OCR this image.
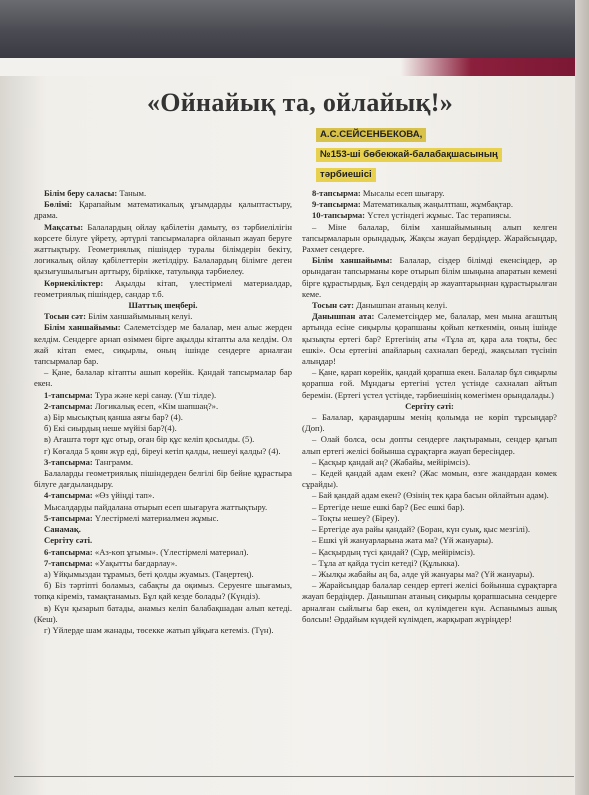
«Ойнайық та, ойлайық!»
А.С.СЕЙСЕНБЕКОВА,
№153-ші бөбекжай-балабақшасының
тәрбиешісі

Білім беру саласы: Таным.

Бөлімі: Қарапайым математикалық ұғымдарды қалыптастыру, драма.

Мақсаты: Балалардың ойлау қабілетін дамыту, өз тәрбиелілігін көрсете білуге үйрету, әртүрлі тапсырмаларға ойланып жауап беруге жаттықтыру. Геометриялық пішіндер туралы білімдерін бекіту, логикалық ойлау қабілеттерін жетілдіру. Балалардың білімге деген қызығушылығын арттыру, бірлікке, татулыққа тәрбиелеу.

Көрнекіліктер: Ақылды кітап, үлестірмелі материалдар, геометриялық пішіндер, сандар т.б.

Шаттық шеңбері.

Тосын сәт: Білім ханшайымының келуі.

Білім ханшайымы: Сәлеметсіздер ме балалар, мен алыс жерден келдім. Сендерге арнап өзіммен бірге ақылды кітапты ала келдім. Ол жай кітап емес, сиқырлы, оның ішінде сендерге арналған тапсырмалар бар.

– Қане, балалар кітапты ашып көрейік. Қандай тапсырмалар бар екен.

1-тапсырма: Тура және кері санау. (Үш тілде).

2-тапсырма: Логикалық есеп, «Кім шапшаң?».

а) Бір мысықтың қанша аяғы бар? (4).

б) Екі сиырдың неше мүйізі бар?(4).

в) Ағашта төрт құс отыр, оған бір құс келіп қосылды. (5).

г) Көгалда 5 қоян жүр еді, біреуі кетіп қалды, нешеуі қалды? (4).

3-тапсырма: Танграмм.

Балаларды геометриялық пішіндерден белгілі бір бейне құрастыра білуге дағдыландыру.

4-тапсырма: «Өз үйіңді тап».

Мысалдарды пайдалана отырып есеп шығаруға жаттықтыру.

5-тапсырма: Үлестірмелі материалмен жұмыс.

Санамақ.

Сергіту сәті.

6-тапсырма: «Аз-көп ұғымы». (Үлестірмелі материал).

7-тапсырма: «Уақытты бағдарлау».

а) Ұйқымыздан тұрамыз, беті қолды жуамыз. (Таңертең).

б) Біз тәртіпті боламыз, сабақты да оқимыз. Серуенге шығамыз, топқа кіреміз, тамақтанамыз. Бұл қай кезде болады? (Күндіз).

в) Күн қызарып батады, анамыз келіп балабақшадан алып кетеді. (Кеш).

г) Үйлерде шам жанады, төсекке жатып ұйқыға кетеміз. (Түн).

8-тапсырма: Мысалы есеп шығару.

9-тапсырма: Математикалық жаңылтпаш, жұмбақтар.

10-тапсырма: Үстел үстіндегі жұмыс. Тас терапиясы.

– Міне балалар, білім ханшайымының алып келген тапсырмаларын орындадық. Жақсы жауап бердіңдер. Жарайсыңдар, Рахмет сендерге.

Білім ханшайымы: Балалар, сіздер білімді екенсіңдер, әр орындаған тапсырманы көре отырып білім шыңына апаратын кемені бірге құрастырдық. Бұл сендердің әр жауаптарыңнан құрастырылған кеме.

Тосын сәт: Данышпан атаның келуі.

Данышпан ата: Сәлеметсіңдер ме, балалар, мен мына ағаштың артында есіне сиқырлы қорапшаны қойып кеткенмін, оның ішінде қызықты ертегі бар? Ертегінің аты «Тұла ат, қара ала тоқты, бес ешкі». Осы ертегіні апайларың сахналап береді, жақсылап түсініп алыңдар!

– Қане, қарап көрейік, қандай қорапша екен. Балалар бұл сиқырлы қорапша ғой. Мұндағы ертегіні үстел үстінде сахналап айтып беремін. (Ертегі үстел үстінде, тәрбиешінің көмегімен орындалады.)

Сергіту сәті:

– Балалар, қараңдаршы менің қолымда не көріп тұрсыңдар? (Доп).

– Олай болса, осы допты сендерге лақтырамын, сендер қағып алып ертегі желісі бойынша сұрақтарға жауап бересіңдер.

– Қасқыр қандай аң? (Жабайы, мейірімсіз).

– Кедей қандай адам екен? (Жас момын, өзге жандардан көмек сұрайды).

– Бай қандай адам екен? (Өзінің тек қара басын ойлайтын адам).

– Ертегіде неше ешкі бар? (Бес ешкі бар).

– Тоқты нешеу? (Біреу).

– Ертегіде ауа райы қандай? (Боран, күн суық, қыс мезгілі).

– Ешкі үй жануарларына жата ма? (Үй жануары).

– Қасқырдың түсі қандай? (Сұр, мейірімсіз).

– Тұла ат қайда түсіп кетеді? (Құлыкка).

– Жылқы жабайы аң ба, әлде үй жануары ма? (Үй жануары).

– Жарайсыңдар балалар сендер ертегі желісі бойынша сұрақтарға жауап бердіңдер. Данышпан атаның сиқырлы қорапшасына сендерге арналған сыйлығы бар екен, ол күлімдеген күн. Аспанымыз ашық болсын! Әрдайым күндей күлімдеп, жарқырап жүріңдер!
